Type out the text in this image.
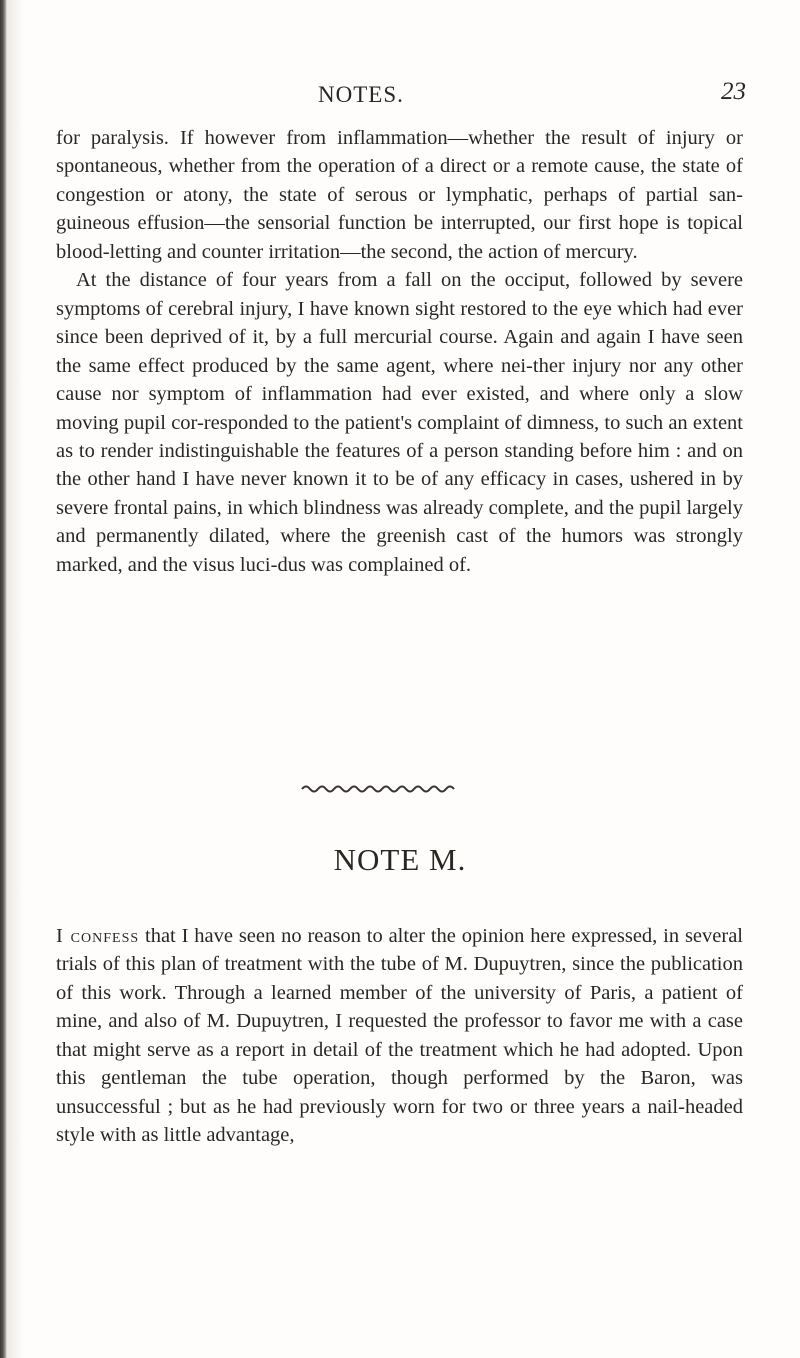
NOTES.	23

for paralysis. If however from inflammation—whether the result of injury or spontaneous, whether from the operation of a direct or a remote cause, the state of congestion or atony, the state of serous or lymphatic, perhaps of partial san-guineous effusion—the sensorial function be interrupted, our first hope is topical blood-letting and counter irritation—the second, the action of mercury.

At the distance of four years from a fall on the occiput, followed by severe symptoms of cerebral injury, I have known sight restored to the eye which had ever since been deprived of it, by a full mercurial course. Again and again I have seen the same effect produced by the same agent, where nei-ther injury nor any other cause nor symptom of inflammation had ever existed, and where only a slow moving pupil cor-responded to the patient's complaint of dimness, to such an extent as to render indistinguishable the features of a person standing before him : and on the other hand I have never known it to be of any efficacy in cases, ushered in by severe frontal pains, in which blindness was already complete, and the pupil largely and permanently dilated, where the greenish cast of the humors was strongly marked, and the visus luci-dus was complained of.

NOTE M.

I confess that I have seen no reason to alter the opinion here expressed, in several trials of this plan of treatment with the tube of M. Dupuytren, since the publication of this work. Through a learned member of the university of Paris, a patient of mine, and also of M. Dupuytren, I requested the professor to favor me with a case that might serve as a report in detail of the treatment which he had adopted. Upon this gentleman the tube operation, though performed by the Baron, was unsuccessful ; but as he had previously worn for two or three years a nail-headed style with as little advantage,
